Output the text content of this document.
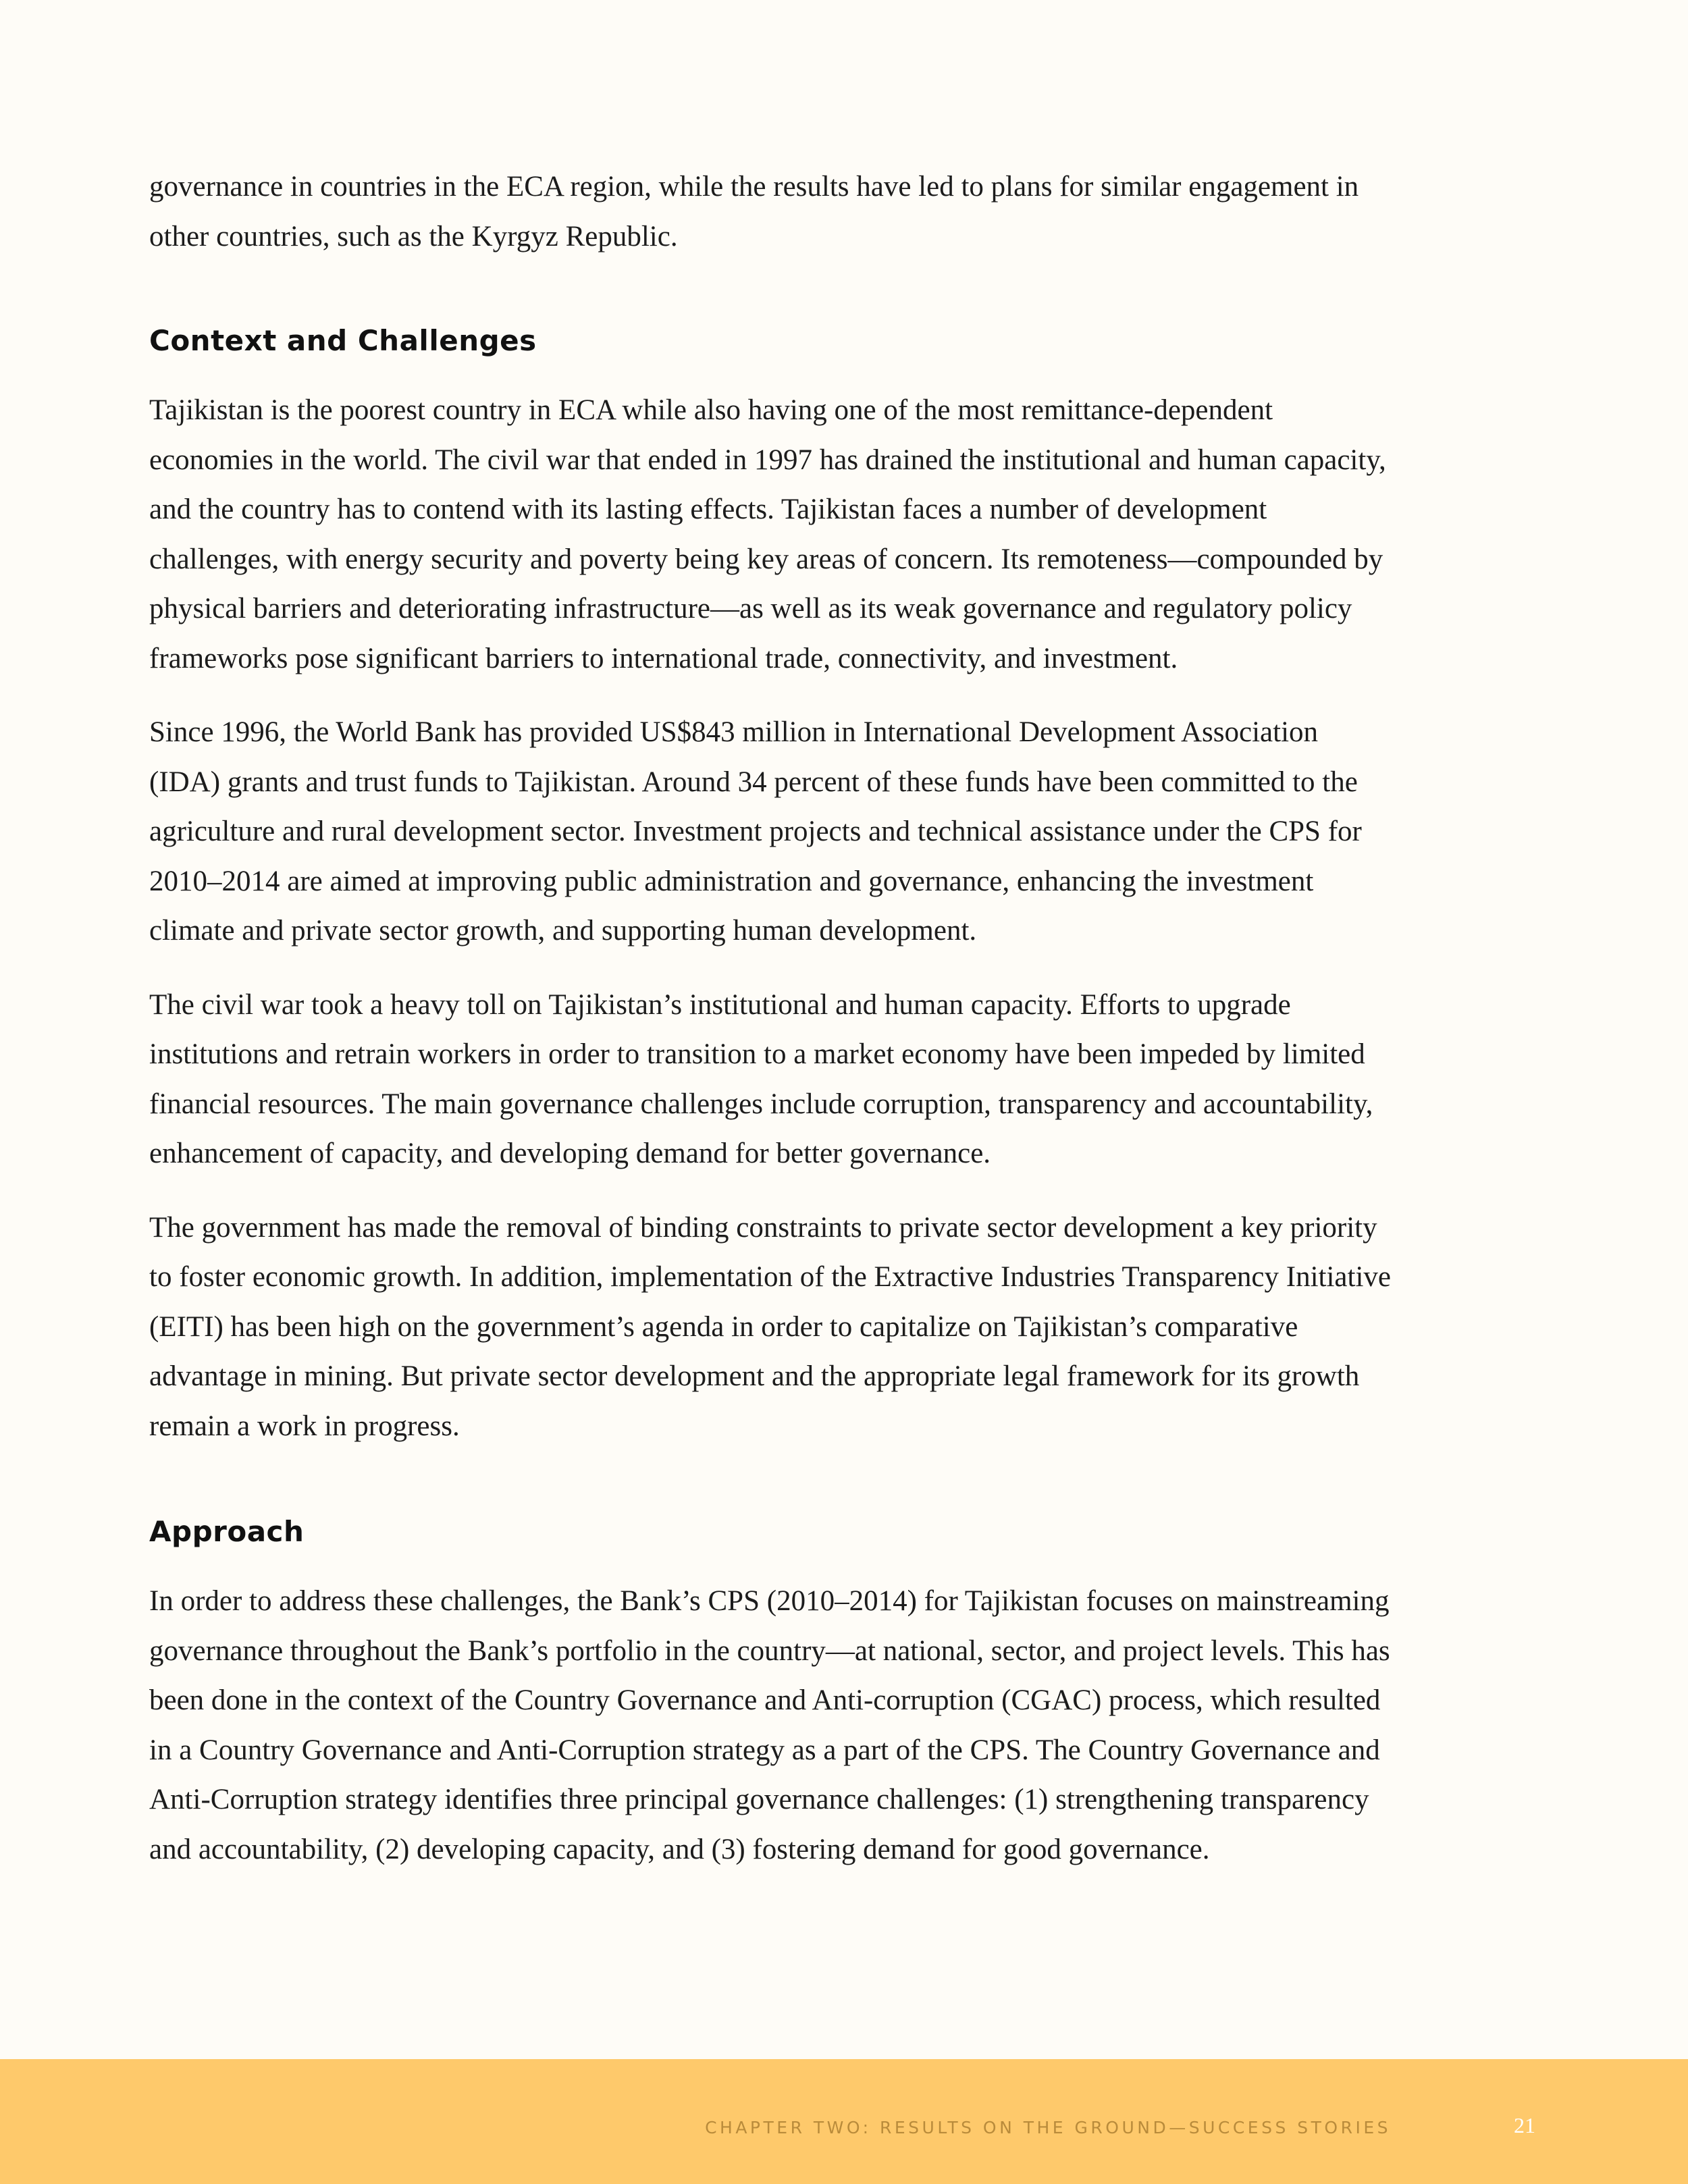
governance in countries in the ECA region, while the results have led to plans for similar engagement in other countries, such as the Kyrgyz Republic.

Context and Challenges

Tajikistan is the poorest country in ECA while also having one of the most remittance-dependent economies in the world. The civil war that ended in 1997 has drained the institutional and human capacity, and the country has to contend with its lasting effects. Tajikistan faces a number of development challenges, with energy security and poverty being key areas of concern. Its remoteness—compounded by physical barriers and deteriorating infrastructure—as well as its weak governance and regulatory policy frameworks pose significant barriers to international trade, connectivity, and investment.

Since 1996, the World Bank has provided US$843 million in International Development Association (IDA) grants and trust funds to Tajikistan. Around 34 percent of these funds have been committed to the agriculture and rural development sector. Investment projects and technical assistance under the CPS for 2010–2014 are aimed at improving public administration and governance, enhancing the investment climate and private sector growth, and supporting human development.

The civil war took a heavy toll on Tajikistan’s institutional and human capacity. Efforts to upgrade institutions and retrain workers in order to transition to a market economy have been impeded by limited financial resources. The main governance challenges include corruption, transparency and accountability, enhancement of capacity, and developing demand for better governance.

The government has made the removal of binding constraints to private sector development a key priority to foster economic growth. In addition, implementation of the Extractive Industries Transparency Initiative (EITI) has been high on the government’s agenda in order to capitalize on Tajikistan’s comparative advantage in mining. But private sector development and the appropriate legal framework for its growth remain a work in progress.

Approach

In order to address these challenges, the Bank’s CPS (2010–2014) for Tajikistan focuses on mainstreaming governance throughout the Bank’s portfolio in the country—at national, sector, and project levels. This has been done in the context of the Country Governance and Anti-corruption (CGAC) process, which resulted in a Country Governance and Anti-Corruption strategy as a part of the CPS. The Country Governance and Anti-Corruption strategy identifies three principal governance challenges: (1) strengthening transparency and accountability, (2) developing capacity, and (3) fostering demand for good governance.

CHAPTER TWO: RESULTS ON THE GROUND—SUCCESS STORIES	21
